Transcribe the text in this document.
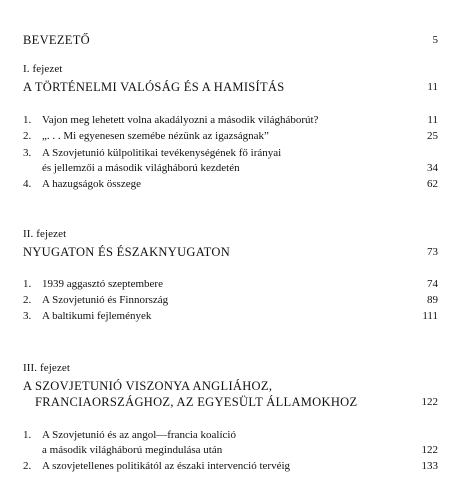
BEVEZETŐ	5
I. fejezet
A TÖRTÉNELMI VALÓSÁG ÉS A HAMISÍTÁS	11
1. Vajon meg lehetett volna akadályozni a második világháborút?	11
2. „. . . Mi egyenesen szemébe nézünk az igazságnak”	25
3. A Szovjetunió külpolitikai tevékenységének fő irányai
és jellemzői a második világháború kezdetén	34
4. A hazugságok összege	62
II. fejezet
NYUGATON ÉS ÉSZAKNYUGATON	73
1. 1939 aggasztó szeptembere	74
2. A Szovjetunió és Finnország	89
3. A baltikumi fejlemények	111
III. fejezet
A SZOVJETUNIÓ VISZONYA ANGLIÁHOZ,
FRANCIAORSZÁGHOZ, AZ EGYESÜLT ÁLLAMOKHOZ	122
1. A Szovjetunió és az angol—francia koalíció
a második világháború megindulása után	122
2. A szovjetellenes politikától az északi intervenció tervéig	133
